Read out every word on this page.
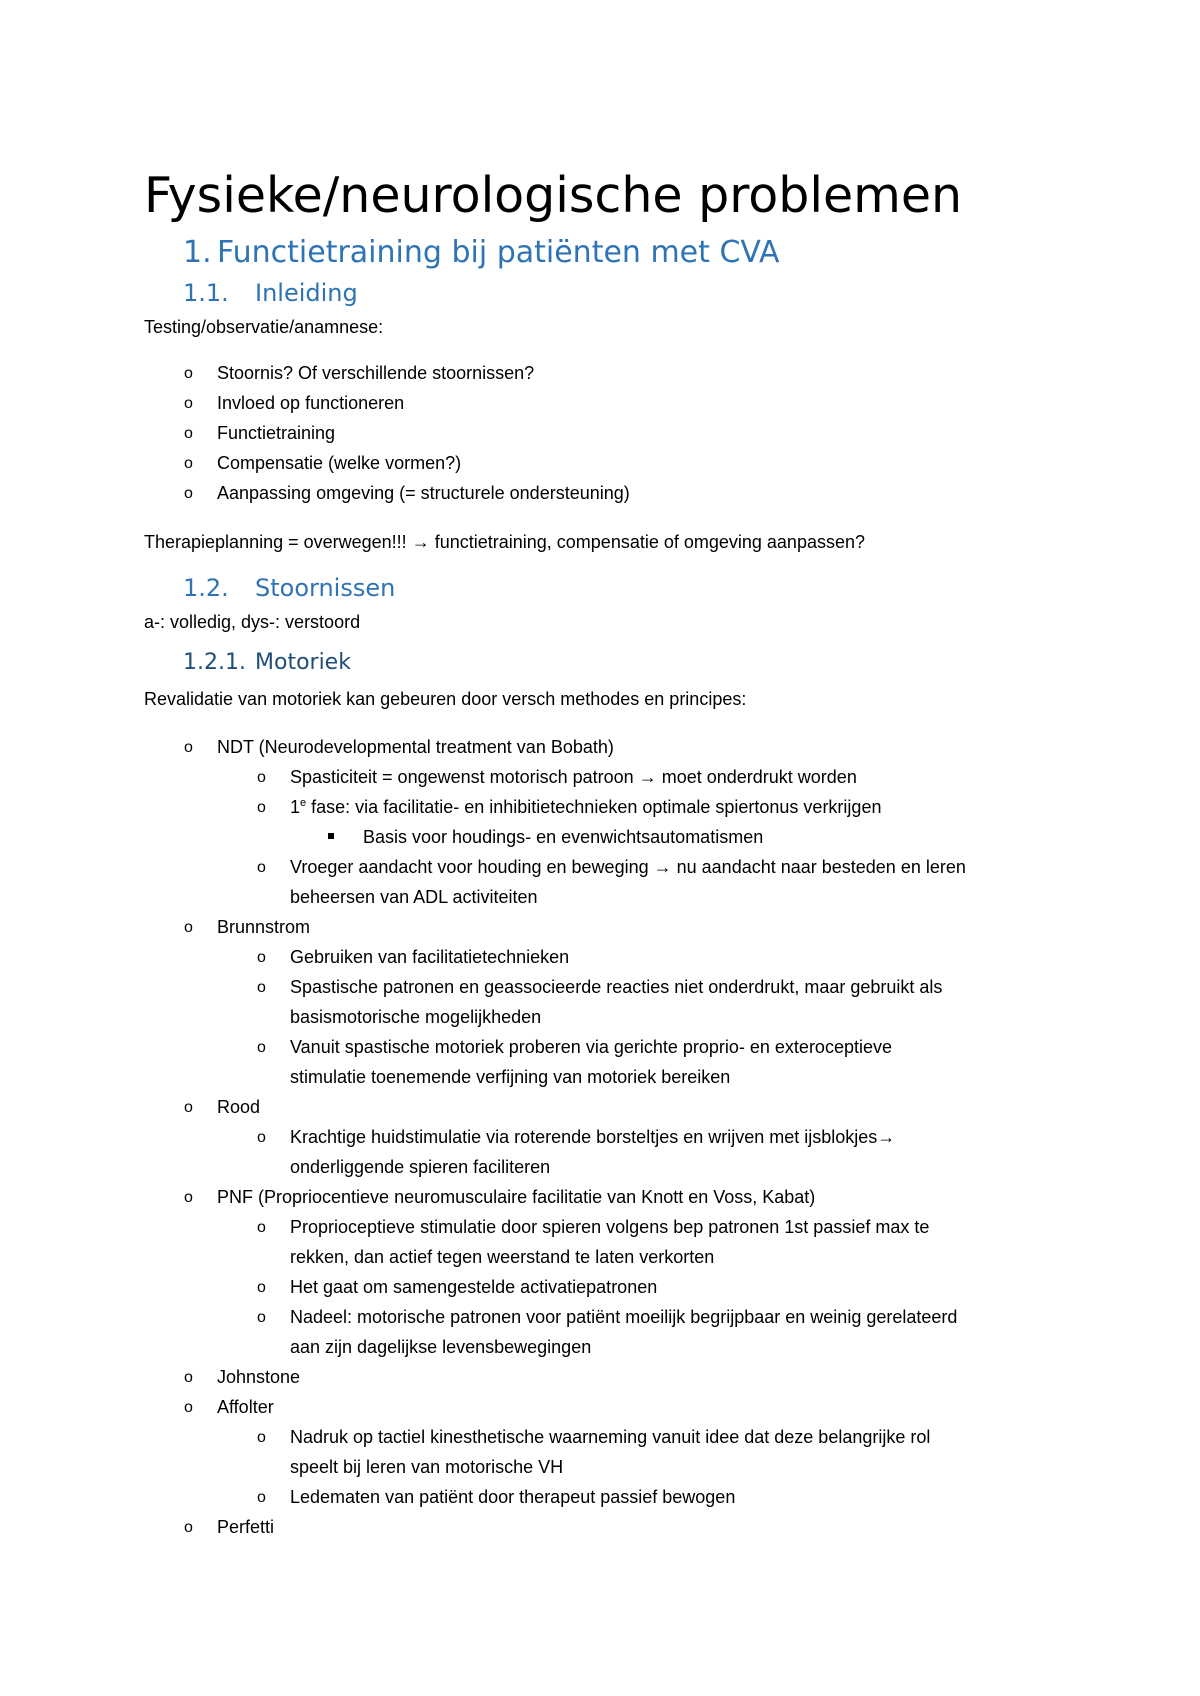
Fysieke/neurologische problemen
1. Functietraining bij patiënten met CVA
1.1. Inleiding
Testing/observatie/anamnese:
o Stoornis? Of verschillende stoornissen?
o Invloed op functioneren
o Functietraining
o Compensatie (welke vormen?)
o Aanpassing omgeving (= structurele ondersteuning)
Therapieplanning = overwegen!!! → functietraining, compensatie of omgeving aanpassen?
1.2. Stoornissen
a-: volledig, dys-: verstoord
1.2.1. Motoriek
Revalidatie van motoriek kan gebeuren door versch methodes en principes:
o NDT (Neurodevelopmental treatment van Bobath)
o Spasticiteit = ongewenst motorisch patroon → moet onderdrukt worden
o 1e fase: via facilitatie- en inhibitietechnieken optimale spiertonus verkrijgen
Basis voor houdings- en evenwichtsautomatismen
o Vroeger aandacht voor houding en beweging → nu aandacht naar besteden en leren
beheersen van ADL activiteiten
o Brunnstrom
o Gebruiken van facilitatietechnieken
o Spastische patronen en geassocieerde reacties niet onderdrukt, maar gebruikt als
basismotorische mogelijkheden
o Vanuit spastische motoriek proberen via gerichte proprio- en exteroceptieve
stimulatie toenemende verfijning van motoriek bereiken
o Rood
o Krachtige huidstimulatie via roterende borsteltjes en wrijven met ijsblokjes→
onderliggende spieren faciliteren
o PNF (Propriocentieve neuromusculaire facilitatie van Knott en Voss, Kabat)
o Proprioceptieve stimulatie door spieren volgens bep patronen 1st passief max te
rekken, dan actief tegen weerstand te laten verkorten
o Het gaat om samengestelde activatiepatronen
o Nadeel: motorische patronen voor patiënt moeilijk begrijpbaar en weinig gerelateerd
aan zijn dagelijkse levensbewegingen
o Johnstone
o Affolter
o Nadruk op tactiel kinesthetische waarneming vanuit idee dat deze belangrijke rol
speelt bij leren van motorische VH
o Ledematen van patiënt door therapeut passief bewogen
o Perfetti
